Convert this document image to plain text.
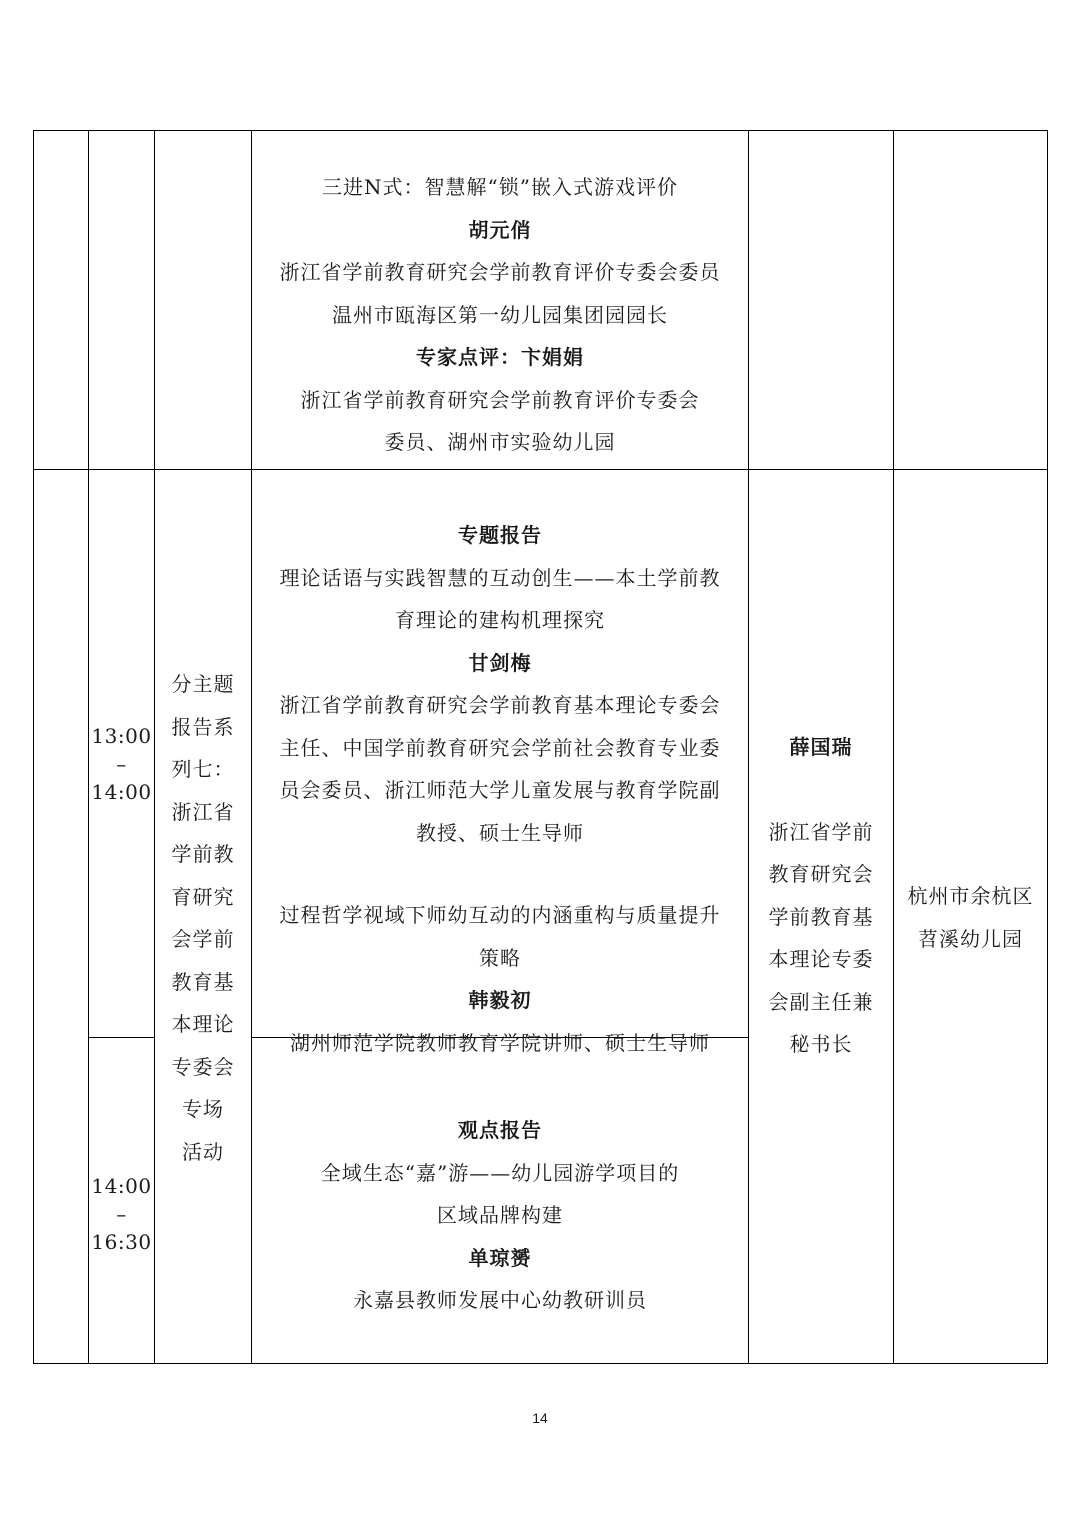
三进N式：智慧解“锁”嵌入式游戏评价
胡元俏
浙江省学前教育研究会学前教育评价专委会委员
温州市瓯海区第一幼儿园集团园园长
专家点评：卞娟娟
浙江省学前教育研究会学前教育评价专委会
委员、湖州市实验幼儿园
13:00
–
14:00
14:00
–
16:30
分主题
报告系
列七：
浙江省
学前教
育研究
会学前
教育基
本理论
专委会
专场
活动
专题报告
理论话语与实践智慧的互动创生——本土学前教
育理论的建构机理探究
甘剑梅
浙江省学前教育研究会学前教育基本理论专委会
主任、中国学前教育研究会学前社会教育专业委
员会委员、浙江师范大学儿童发展与教育学院副
教授、硕士生导师
过程哲学视域下师幼互动的内涵重构与质量提升
策略
韩毅初
湖州师范学院教师教育学院讲师、硕士生导师
观点报告
全域生态“嘉”游——幼儿园游学项目的
区域品牌构建
单琼赟
永嘉县教师发展中心幼教研训员
薛国瑞
浙江省学前
教育研究会
学前教育基
本理论专委
会副主任兼
秘书长
杭州市余杭区
苕溪幼儿园
14
